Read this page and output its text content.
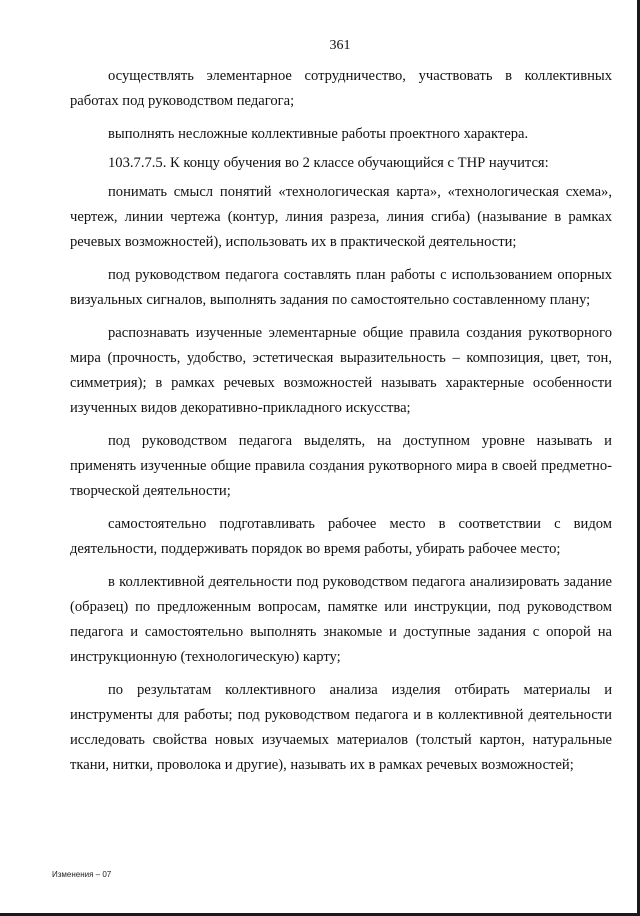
361

осуществлять элементарное сотрудничество, участвовать в коллективных работах под руководством педагога;

выполнять несложные коллективные работы проектного характера.

103.7.7.5. К концу обучения во 2 классе обучающийся с ТНР научится:

понимать смысл понятий «технологическая карта», «технологическая схема», чертеж, линии чертежа (контур, линия разреза, линия сгиба) (называние в рамках речевых возможностей), использовать их в практической деятельности;

под руководством педагога составлять план работы с использованием опорных визуальных сигналов, выполнять задания по самостоятельно составленному плану;

распознавать изученные элементарные общие правила создания рукотворного мира (прочность, удобство, эстетическая выразительность – композиция, цвет, тон, симметрия); в рамках речевых возможностей называть характерные особенности изученных видов декоративно-прикладного искусства;

под руководством педагога выделять, на доступном уровне называть и применять изученные общие правила создания рукотворного мира в своей предметно-творческой деятельности;

самостоятельно подготавливать рабочее место в соответствии с видом деятельности, поддерживать порядок во время работы, убирать рабочее место;

в коллективной деятельности под руководством педагога анализировать задание (образец) по предложенным вопросам, памятке или инструкции, под руководством педагога и самостоятельно выполнять знакомые и доступные задания с опорой на инструкционную (технологическую) карту;

по результатам коллективного анализа изделия отбирать материалы и инструменты для работы; под руководством педагога и в коллективной деятельности исследовать свойства новых изучаемых материалов (толстый картон, натуральные ткани, нитки, проволока и другие), называть их в рамках речевых возможностей;

Изменения – 07
